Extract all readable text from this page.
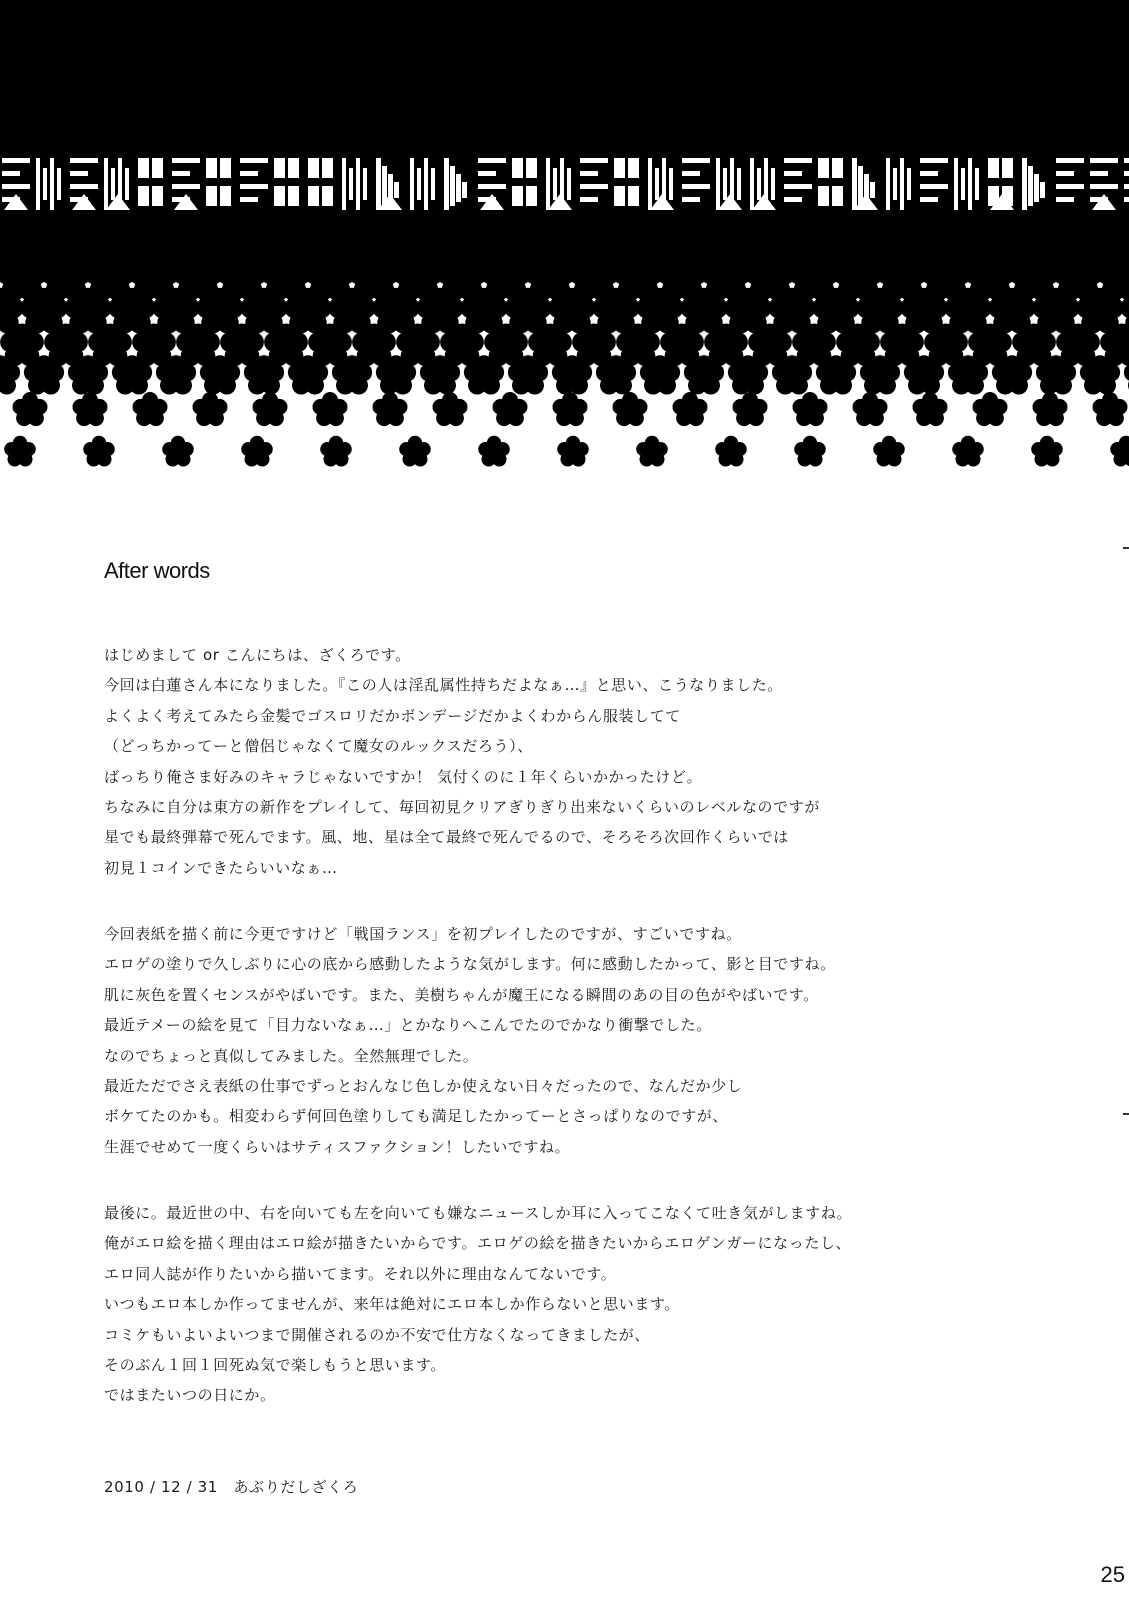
After words
はじめまして or こんにちは、ざくろです。
今回は白蓮さん本になりました。『この人は淫乱属性持ちだよなぁ…』と思い、こうなりました。
よくよく考えてみたら金髪でゴスロリだかボンデージだかよくわからん服装してて
（どっちかってーと僧侶じゃなくて魔女のルックスだろう）、
ばっちり俺さま好みのキャラじゃないですか！ 気付くのに１年くらいかかったけど。
ちなみに自分は東方の新作をプレイして、毎回初見クリアぎりぎり出来ないくらいのレベルなのですが
星でも最終弾幕で死んでます。風、地、星は全て最終で死んでるので、そろそろ次回作くらいでは
初見１コインできたらいいなぁ…
今回表紙を描く前に今更ですけど「戦国ランス」を初プレイしたのですが、すごいですね。
エロゲの塗りで久しぶりに心の底から感動したような気がします。何に感動したかって、影と目ですね。
肌に灰色を置くセンスがやばいです。また、美樹ちゃんが魔王になる瞬間のあの目の色がやばいです。
最近テメーの絵を見て「目力ないなぁ…」とかなりへこんでたのでかなり衝撃でした。
なのでちょっと真似してみました。全然無理でした。
最近ただでさえ表紙の仕事でずっとおんなじ色しか使えない日々だったので、なんだか少し
ボケてたのかも。相変わらず何回色塗りしても満足したかってーとさっぱりなのですが、
生涯でせめて一度くらいはサティスファクション！したいですね。
最後に。最近世の中、右を向いても左を向いても嫌なニュースしか耳に入ってこなくて吐き気がしますね。
俺がエロ絵を描く理由はエロ絵が描きたいからです。エロゲの絵を描きたいからエロゲンガーになったし、
エロ同人誌が作りたいから描いてます。それ以外に理由なんてないです。
いつもエロ本しか作ってませんが、来年は絶対にエロ本しか作らないと思います。
コミケもいよいよいつまで開催されるのか不安で仕方なくなってきましたが、
そのぶん１回１回死ぬ気で楽しもうと思います。
ではまたいつの日にか。
2010 / 12 / 31　あぶりだしざくろ
25
